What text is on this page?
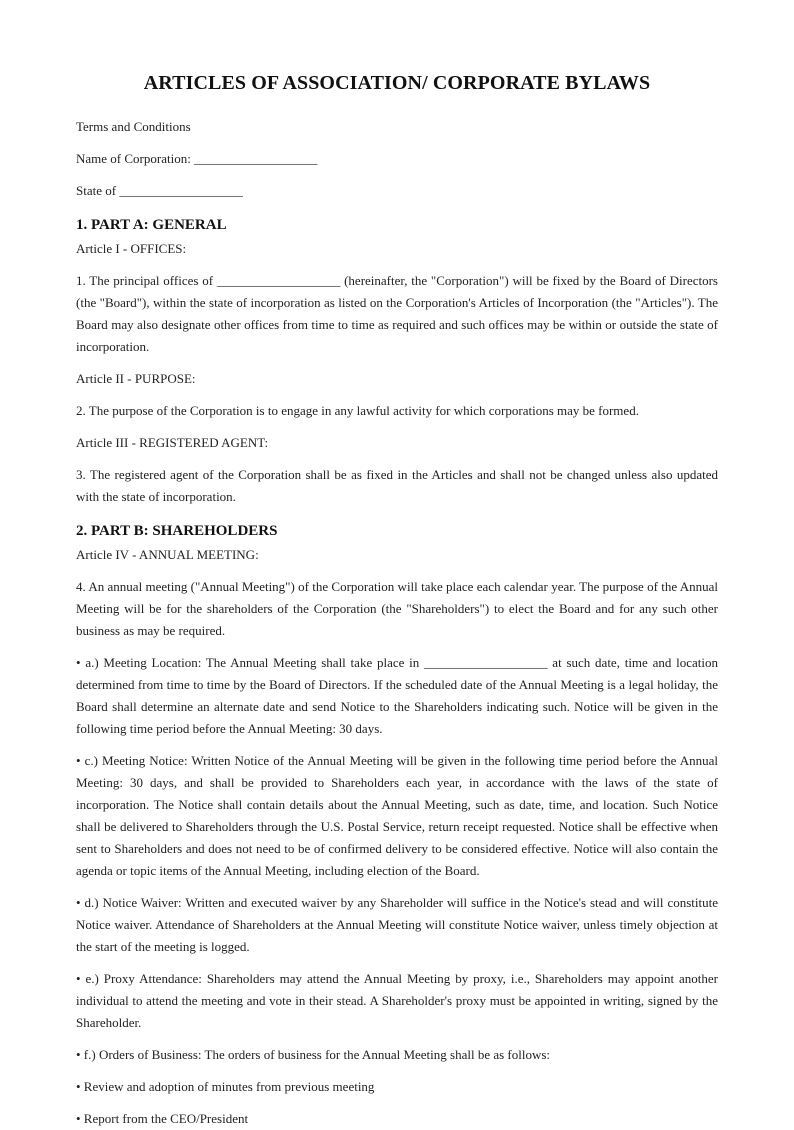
ARTICLES OF ASSOCIATION/ CORPORATE BYLAWS

Terms and Conditions

Name of Corporation: ___________________

State of ___________________

1. PART A: GENERAL

Article I - OFFICES:

1. The principal offices of ___________________ (hereinafter, the "Corporation") will be fixed by the Board of Directors (the "Board"), within the state of incorporation as listed on the Corporation's Articles of Incorporation (the "Articles"). The Board may also designate other offices from time to time as required and such offices may be within or outside the state of incorporation.

Article II - PURPOSE:

2. The purpose of the Corporation is to engage in any lawful activity for which corporations may be formed.

Article III - REGISTERED AGENT:

3. The registered agent of the Corporation shall be as fixed in the Articles and shall not be changed unless also updated with the state of incorporation.

2. PART B: SHAREHOLDERS

Article IV - ANNUAL MEETING:

4. An annual meeting ("Annual Meeting") of the Corporation will take place each calendar year. The purpose of the Annual Meeting will be for the shareholders of the Corporation (the "Shareholders") to elect the Board and for any such other business as may be required.

• a.) Meeting Location: The Annual Meeting shall take place in ___________________ at such date, time and location determined from time to time by the Board of Directors. If the scheduled date of the Annual Meeting is a legal holiday, the Board shall determine an alternate date and send Notice to the Shareholders indicating such. Notice will be given in the following time period before the Annual Meeting: 30 days.

• c.) Meeting Notice: Written Notice of the Annual Meeting will be given in the following time period before the Annual Meeting: 30 days, and shall be provided to Shareholders each year, in accordance with the laws of the state of incorporation. The Notice shall contain details about the Annual Meeting, such as date, time, and location. Such Notice shall be delivered to Shareholders through the U.S. Postal Service, return receipt requested. Notice shall be effective when sent to Shareholders and does not need to be of confirmed delivery to be considered effective. Notice will also contain the agenda or topic items of the Annual Meeting, including election of the Board.

• d.) Notice Waiver: Written and executed waiver by any Shareholder will suffice in the Notice's stead and will constitute Notice waiver. Attendance of Shareholders at the Annual Meeting will constitute Notice waiver, unless timely objection at the start of the meeting is logged.

• e.) Proxy Attendance: Shareholders may attend the Annual Meeting by proxy, i.e., Shareholders may appoint another individual to attend the meeting and vote in their stead. A Shareholder's proxy must be appointed in writing, signed by the Shareholder.

• f.) Orders of Business: The orders of business for the Annual Meeting shall be as follows:

• Review and adoption of minutes from previous meeting

• Report from the CEO/President
